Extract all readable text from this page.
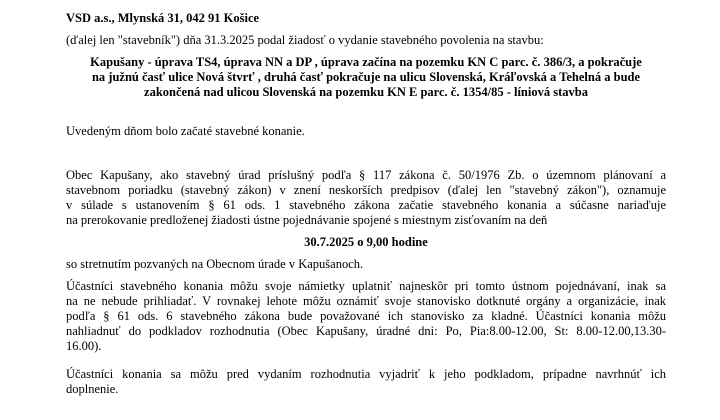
VSD a.s., Mlynská 31, 042 91 Košice
(ďalej len "stavebník") dňa 31.3.2025 podal žiadosť o vydanie stavebného povolenia na stavbu:
Kapušany - úprava TS4, úprava NN a DP , úprava začína na pozemku KN C parc. č. 386/3, a pokračuje
na južnú časť ulice Nová štvrť , druhá časť pokračuje na ulicu Slovenská, Kráľovská a Tehelná a bude
zakončená nad ulicou Slovenská na pozemku KN E parc. č. 1354/85 - líniová stavba
Uvedeným dňom bolo začaté stavebné konanie.
Obec Kapušany, ako stavebný úrad príslušný podľa § 117 zákona č. 50/1976 Zb. o územnom plánovaní a
stavebnom poriadku (stavebný zákon) v znení neskorších predpisov (ďalej len "stavebný zákon"), oznamuje
v súlade s ustanovením § 61 ods. 1 stavebného zákona začatie stavebného konania a súčasne nariaďuje
na prerokovanie predloženej žiadosti ústne pojednávanie spojené s miestnym zisťovaním na deň
30.7.2025 o 9,00 hodine
so stretnutím pozvaných na Obecnom úrade v Kapušanoch.
Účastníci stavebného konania môžu svoje námietky uplatniť najneskôr pri tomto ústnom pojednávaní, inak sa
na ne nebude prihliadať. V rovnakej lehote môžu oznámiť svoje stanovisko dotknuté orgány a organizácie, inak
podľa § 61 ods. 6 stavebného zákona bude považované ich stanovisko za kladné. Účastníci konania môžu
nahliadnuť do podkladov rozhodnutia (Obec Kapušany, úradné dni: Po, Pia:8.00-12.00, St: 8.00-12.00,13.30-
16.00).
Účastníci konania sa môžu pred vydaním rozhodnutia vyjadriť k jeho podkladom, prípadne navrhnúť ich
doplnenie.
